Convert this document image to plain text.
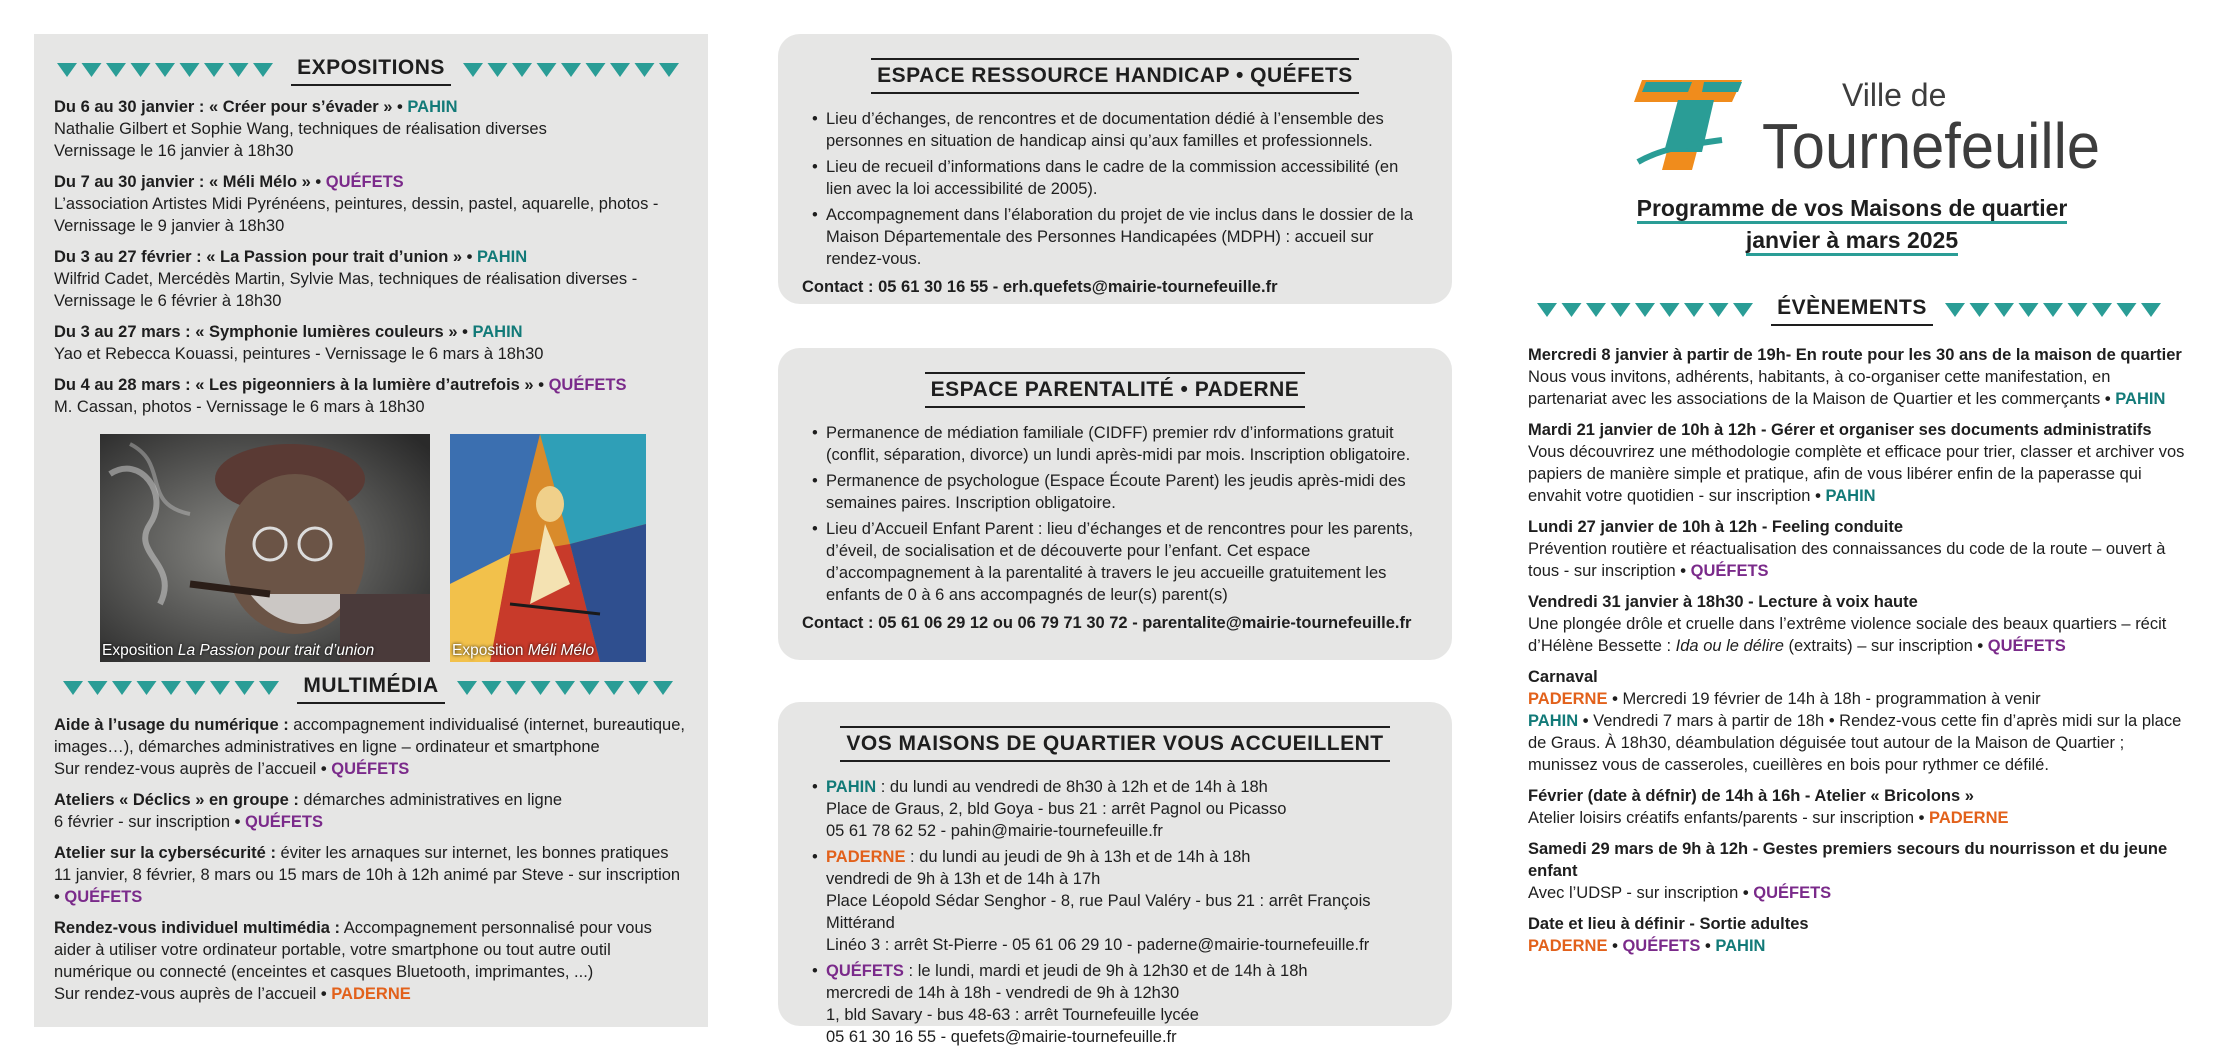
EXPOSITIONS
Du 6 au 30 janvier : « Créer pour s’évader » • PAHIN
Nathalie Gilbert et Sophie Wang, techniques de réalisation diverses
Vernissage le 16 janvier à 18h30
Du 7 au 30 janvier : « Méli Mélo » • QUÉFETS
L’association Artistes Midi Pyrénéens, peintures, dessin, pastel, aquarelle, photos -
Vernissage le 9 janvier à 18h30
Du 3 au 27 février : « La Passion pour trait d’union » • PAHIN
Wilfrid Cadet, Mercédès Martin, Sylvie Mas, techniques de réalisation diverses -
Vernissage le 6 février à 18h30
Du 3 au 27 mars : « Symphonie lumières couleurs » • PAHIN
Yao et Rebecca Kouassi, peintures - Vernissage le 6 mars à 18h30
Du 4 au 28 mars : « Les pigeonniers à la lumière d’autrefois » • QUÉFETS
M. Cassan, photos - Vernissage le 6 mars à 18h30
Exposition La Passion pour trait d’union	Exposition Méli Mélo
MULTIMÉDIA
Aide à l’usage du numérique : accompagnement individualisé (internet, bureautique, images…), démarches administratives en ligne – ordinateur et smartphone
Sur rendez-vous auprès de l’accueil • QUÉFETS
Ateliers « Déclics » en groupe : démarches administratives en ligne
6 février - sur inscription • QUÉFETS
Atelier sur la cybersécurité : éviter les arnaques sur internet, les bonnes pratiques
11 janvier, 8 février, 8 mars ou 15 mars de 10h à 12h animé par Steve - sur inscription
• QUÉFETS
Rendez-vous individuel multimédia : Accompagnement personnalisé pour vous aider à utiliser votre ordinateur portable, votre smartphone ou tout autre outil numérique ou connecté (enceintes et casques Bluetooth, imprimantes, ...)
Sur rendez-vous auprès de l’accueil • PADERNE
ESPACE RESSOURCE HANDICAP • QUÉFETS
• Lieu d’échanges, de rencontres et de documentation dédié à l’ensemble des personnes en situation de handicap ainsi qu’aux familles et professionnels.
• Lieu de recueil d’informations dans le cadre de la commission accessibilité (en lien avec la loi accessibilité de 2005).
• Accompagnement dans l’élaboration du projet de vie inclus dans le dossier de la Maison Départementale des Personnes Handicapées (MDPH) : accueil sur rendez-vous.
Contact : 05 61 30 16 55 - erh.quefets@mairie-tournefeuille.fr
ESPACE PARENTALITÉ • PADERNE
• Permanence de médiation familiale (CIDFF) premier rdv d’informations gratuit (conflit, séparation, divorce) un lundi après-midi par mois. Inscription obligatoire.
• Permanence de psychologue (Espace Écoute Parent) les jeudis après-midi des semaines paires. Inscription obligatoire.
• Lieu d’Accueil Enfant Parent : lieu d’échanges et de rencontres pour les parents, d’éveil, de socialisation et de découverte pour l’enfant. Cet espace d’accompagnement à la parentalité à travers le jeu accueille gratuitement les enfants de 0 à 6 ans accompagnés de leur(s) parent(s)
Contact : 05 61 06 29 12 ou 06 79 71 30 72 - parentalite@mairie-tournefeuille.fr
VOS MAISONS DE QUARTIER VOUS ACCUEILLENT
• PAHIN : du lundi au vendredi de 8h30 à 12h et de 14h à 18h
Place de Graus, 2, bld Goya - bus 21 : arrêt Pagnol ou Picasso
05 61 78 62 52 - pahin@mairie-tournefeuille.fr
• PADERNE : du lundi au jeudi de 9h à 13h et de 14h à 18h
vendredi de 9h à 13h et de 14h à 17h
Place Léopold Sédar Senghor - 8, rue Paul Valéry - bus 21 : arrêt François Mittérand
Linéo 3 : arrêt St-Pierre - 05 61 06 29 10 - paderne@mairie-tournefeuille.fr
• QUÉFETS : le lundi, mardi et jeudi de 9h à 12h30 et de 14h à 18h
mercredi de 14h à 18h - vendredi de 9h à 12h30
1, bld Savary - bus 48-63 : arrêt Tournefeuille lycée
05 61 30 16 55 - quefets@mairie-tournefeuille.fr
Ville de
Tournefeuille
Programme de vos Maisons de quartier
janvier à mars 2025
ÉVÈNEMENTS
Mercredi 8 janvier à partir de 19h- En route pour les 30 ans de la maison de quartier
Nous vous invitons, adhérents, habitants, à co-organiser cette manifestation, en partenariat avec les associations de la Maison de Quartier et les commerçants • PAHIN
Mardi 21 janvier de 10h à 12h - Gérer et organiser ses documents administratifs
Vous découvrirez une méthodologie complète et efficace pour trier, classer et archiver vos papiers de manière simple et pratique, afin de vous libérer enfin de la paperasse qui envahit votre quotidien - sur inscription • PAHIN
Lundi 27 janvier de 10h à 12h - Feeling conduite
Prévention routière et réactualisation des connaissances du code de la route – ouvert à tous - sur inscription • QUÉFETS
Vendredi 31 janvier à 18h30 - Lecture à voix haute
Une plongée drôle et cruelle dans l’extrême violence sociale des beaux quartiers – récit d’Hélène Bessette : Ida ou le délire (extraits) – sur inscription • QUÉFETS
Carnaval
PADERNE • Mercredi 19 février de 14h à 18h - programmation à venir
PAHIN • Vendredi 7 mars à partir de 18h • Rendez-vous cette fin d’après midi sur la place de Graus. À 18h30, déambulation déguisée tout autour de la Maison de Quartier ; munissez vous de casseroles, cueillères en bois pour rythmer ce défilé.
Février (date à défnir) de 14h à 16h - Atelier « Bricolons »
Atelier loisirs créatifs enfants/parents - sur inscription • PADERNE
Samedi 29 mars de 9h à 12h - Gestes premiers secours du nourrisson et du jeune enfant
Avec l’UDSP - sur inscription • QUÉFETS
Date et lieu à définir - Sortie adultes
PADERNE • QUÉFETS • PAHIN
